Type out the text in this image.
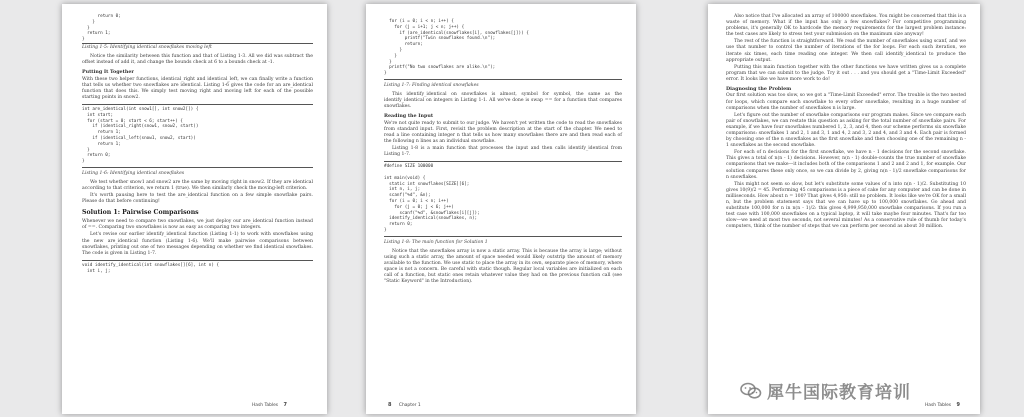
return 0;
}
}
return 1;
}
Listing 1-5: Identifying identical snowflakes moving left

Notice the similarity between this function and that of Listing 1-3. All we did was subtract the offset instead of add it, and change the bounds check at 6 to a bounds check at -1.

Putting It Together

With these two helper functions, identical_right and identical_left, we can finally write a function that tells us whether two snowflakes are identical. Listing 1-6 gives the code for an are_identical function that does this. We simply test moving right and moving left for each of the possible starting points in snow2.

int are_identical(int snow1[], int snow2[]) {
int start;
for (start = 0; start < 6; start++) {
if (identical_right(snow1, snow2, start))
return 1;
if (identical_left(snow1, snow2, start))
return 1;
}
return 0;
}
Listing 1-6: Identifying identical snowflakes

We test whether snow1 and snow2 are the same by moving right in snow2. If they are identical according to that criterion, we return 1 (true). We then similarly check the moving-left criterion.

It's worth pausing here to test the are_identical function on a few simple snowflake pairs. Please do that before continuing!

Solution 1: Pairwise Comparisons

Whenever we need to compare two snowflakes, we just deploy our are_identical function instead of ==. Comparing two snowflakes is now as easy as comparing two integers.

Let's revise our earlier identify_identical function (Listing 1-1) to work with snowflakes using the new are_identical function (Listing 1-6). We'll make pairwise comparisons between snowflakes, printing out one of two messages depending on whether we find identical snowflakes. The code is given in Listing 1-7.

void identify_identical(int snowflakes[][6], int n) {
int i, j;
Hash Tables 7
for (i = 0; i < n; i++) {
for (j = i+1; j < n; j++) {
if (are_identical(snowflakes[i], snowflakes[j])) {
printf("Twin snowflakes found.\n");
return;
}
}
}
printf("No two snowflakes are alike.\n");
}
Listing 1-7: Finding identical snowflakes

This identify_identical on snowflakes is almost, symbol for symbol, the same as the identify_identical on integers in Listing 1-1. All we've done is swap == for a function that compares snowflakes.

Reading the Input

We're not quite ready to submit to our judge. We haven't yet written the code to read the snowflakes from standard input. First, revisit the problem description at the start of the chapter. We need to read a line containing integer n that tells us how many snowflakes there are and then read each of the following n lines as an individual snowflake.

Listing 1-8 is a main function that processes the input and then calls identify_identical from Listing 1-7.

#define SIZE 100000

int main(void) {
static int snowflakes[SIZE][6];
int n, i, j;
scanf("%d", &n);
for (i = 0; i < n; i++)
for (j = 0; j < 6; j++)
scanf("%d", &snowflakes[i][j]);
identify_identical(snowflakes, n);
return 0;
}
Listing 1-8: The main function for Solution 1

Notice that the snowflakes array is now a static array. This is because the array is large; without using such a static array, the amount of space needed would likely outstrip the amount of memory available to the function. We use static to place the array in its own, separate piece of memory, where space is not a concern. Be careful with static though. Regular local variables are initialized on each call of a function, but static ones retain whatever value they had on the previous function call (see "Static Keyword" in the Introduction).

8 Chapter 1

Also notice that I've allocated an array of 100000 snowflakes. You might be concerned that this is a waste of memory. What if the input has only a few snowflakes? For competitive programming problems, it's generally OK to hardcode the memory requirements for the largest problem instance: the test cases are likely to stress test your submission on the maximum size anyway!

The rest of the function is straightforward. We read the number of snowflakes using scanf, and we use that number to control the number of iterations of the for loops. For each such iteration, we iterate six times, each time reading one integer. We then call identify_identical to produce the appropriate output.

Putting this main function together with the other functions we have written gives us a complete program that we can submit to the judge. Try it out . . . and you should get a "Time-Limit Exceeded" error. It looks like we have more work to do!

Diagnosing the Problem

Our first solution was too slow, so we got a "Time-Limit Exceeded" error. The trouble is the two nested for loops, which compare each snowflake to every other snowflake, resulting in a huge number of comparisons when the number of snowflakes n is large.

Let's figure out the number of snowflake comparisons our program makes. Since we compare each pair of snowflakes, we can restate this question as asking for the total number of snowflake pairs. For example, if we have four snowflakes numbered 1, 2, 3, and 4, then our scheme performs six snowflake comparisons: snowflakes 1 and 2, 1 and 3, 1 and 4, 2 and 3, 2 and 4, and 3 and 4. Each pair is formed by choosing one of the n snowflakes as the first snowflake and then choosing one of the remaining n - 1 snowflakes as the second snowflake.

For each of n decisions for the first snowflake, we have n - 1 decisions for the second snowflake. This gives a total of n(n - 1) decisions. However, n(n - 1) double-counts the true number of snowflake comparisons that we make—it includes both of the comparisons 1 and 2 and 2 and 1, for example. Our solution compares these only once, so we can divide by 2, giving n(n - 1)/2 snowflake comparisons for n snowflakes.

This might not seem so slow, but let's substitute some values of n into n(n - 1)/2. Substituting 10 gives 10(9)/2 = 45. Performing 45 comparisons is a piece of cake for any computer and can be done in milliseconds. How about n = 100? That gives 4,950: still no problem. It looks like we're OK for a small n, but the problem statement says that we can have up to 100,000 snowflakes. Go ahead and substitute 100,000 for n in n(n - 1)/2: this gives 4,999,950,000 snowflake comparisons. If you run a test case with 100,000 snowflakes on a typical laptop, it will take maybe four minutes. That's far too slow—we need at most two seconds, not several minutes! As a conservative rule of thumb for today's computers, think of the number of steps that we can perform per second as about 30 million.

Hash Tables 9
犀牛国际教育培训
